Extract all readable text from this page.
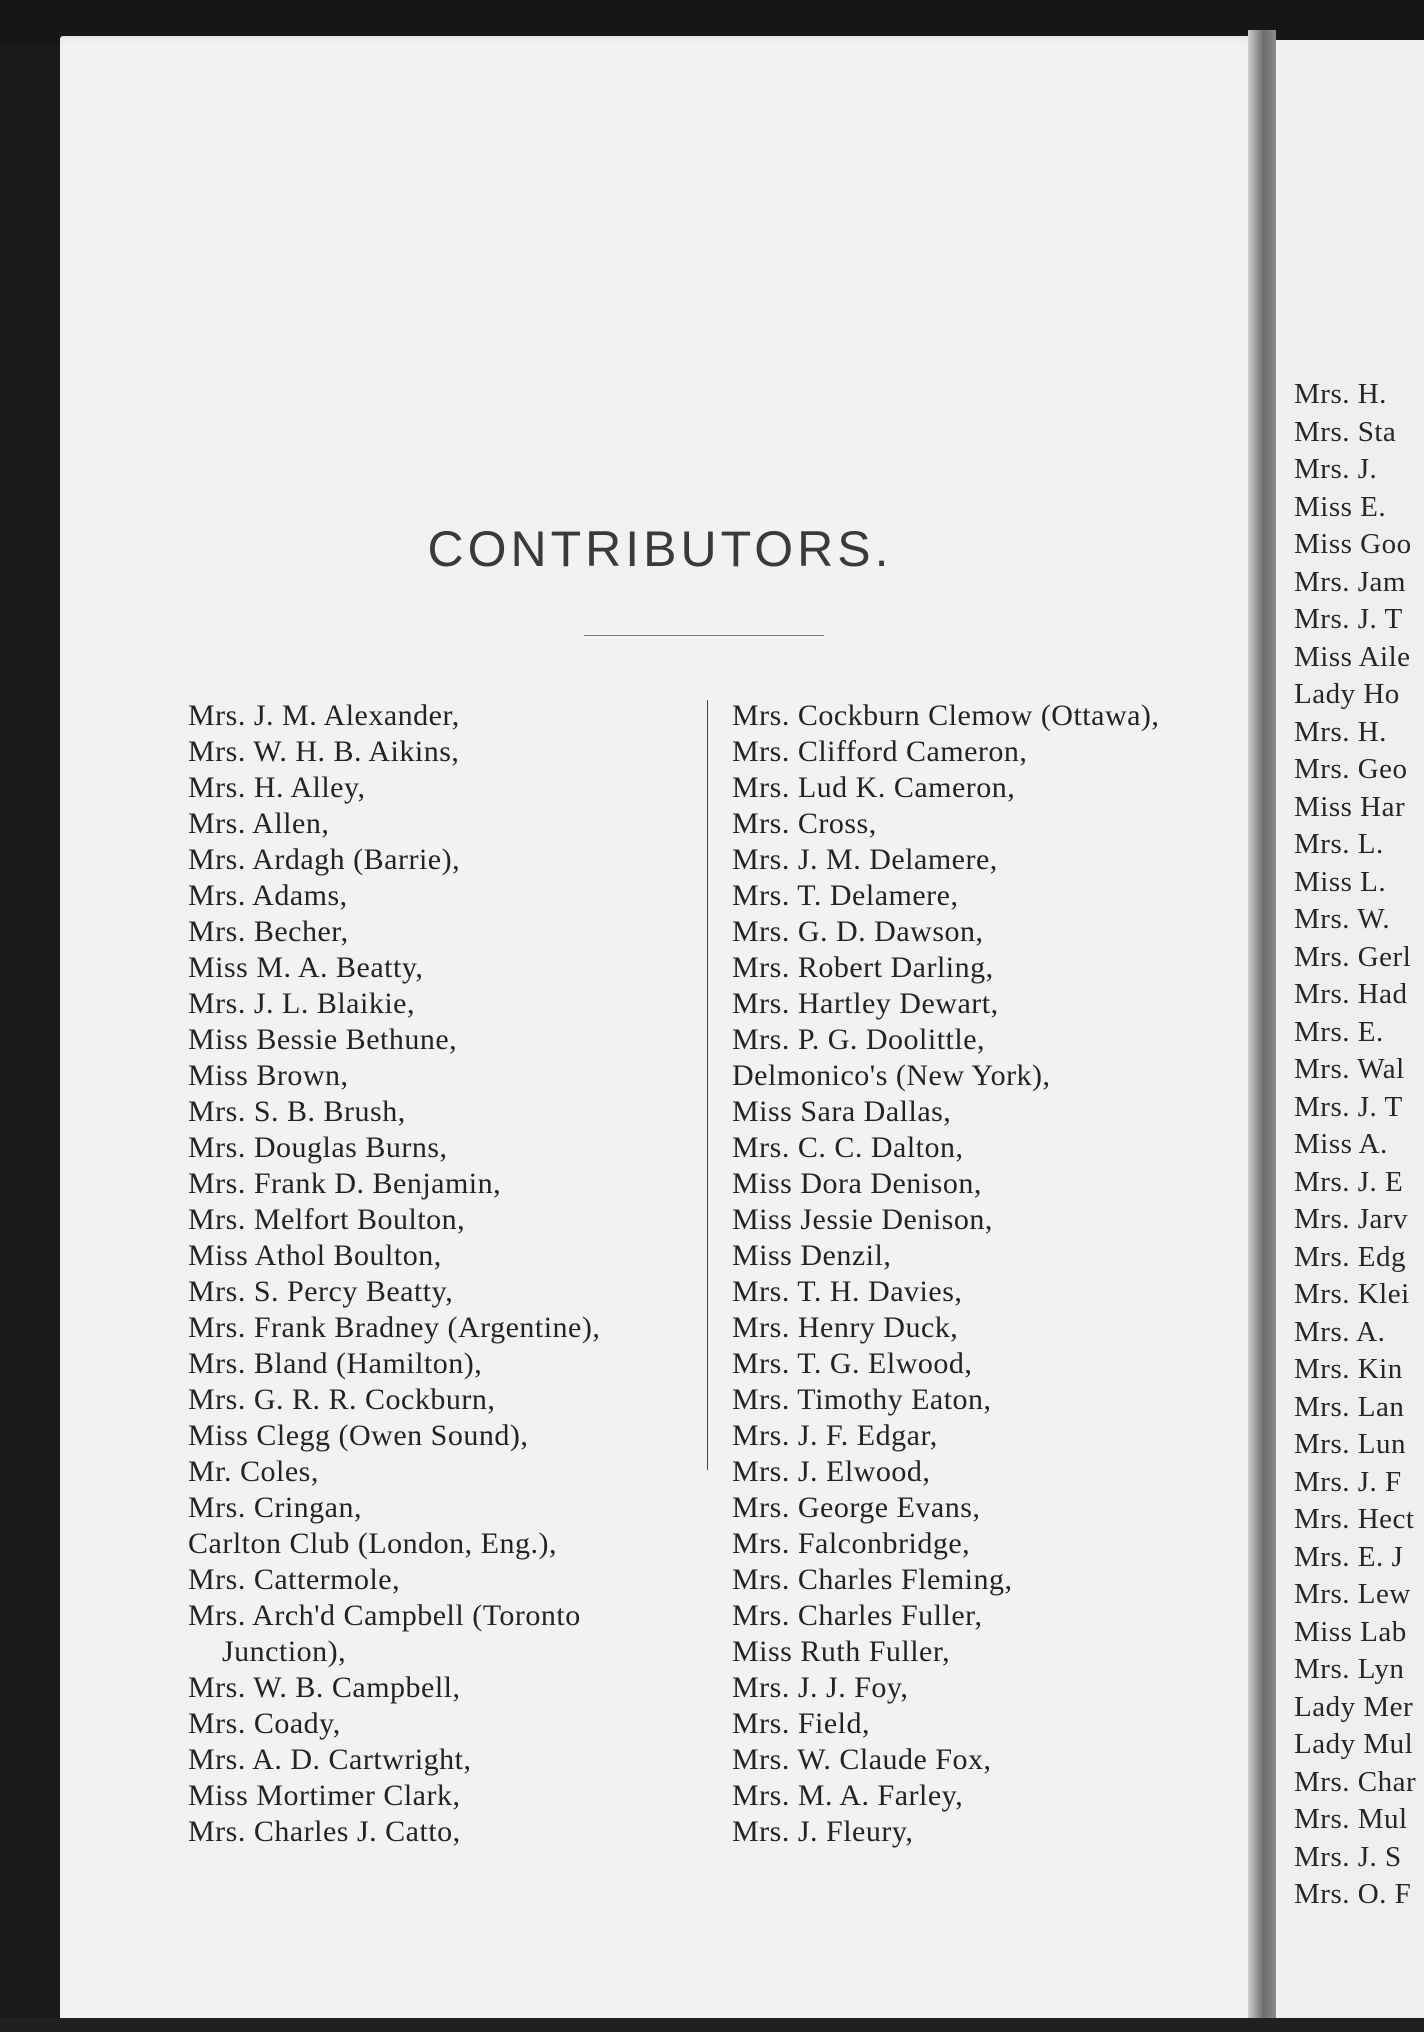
Mrs. H.
Mrs. Sta
Mrs. J.
Miss E.
Miss Goo
Mrs. Jam
Mrs. J. T
Miss Aile
Lady Ho
Mrs. H.
Mrs. Geo
Miss Har
Mrs. L.
Miss L.
Mrs. W.
Mrs. Gerl
Mrs. Had
Mrs. E.
Mrs. Wal
Mrs. J. T
Miss A.
Mrs. J. E
Mrs. Jarv
Mrs. Edg
Mrs. Klei
Mrs. A.
Mrs. Kin
Mrs. Lan
Mrs. Lun
Mrs. J. F
Mrs. Hect
Mrs. E. J
Mrs. Lew
Miss Lab
Mrs. Lyn
Lady Mer
Lady Mul
Mrs. Char
Mrs. Mul
Mrs. J. S
Mrs. O. F
CONTRIBUTORS.
Mrs. J. M. Alexander,
Mrs. W. H. B. Aikins,
Mrs. H. Alley,
Mrs. Allen,
Mrs. Ardagh (Barrie),
Mrs. Adams,
Mrs. Becher,
Miss M. A. Beatty,
Mrs. J. L. Blaikie,
Miss Bessie Bethune,
Miss Brown,
Mrs. S. B. Brush,
Mrs. Douglas Burns,
Mrs. Frank D. Benjamin,
Mrs. Melfort Boulton,
Miss Athol Boulton,
Mrs. S. Percy Beatty,
Mrs. Frank Bradney (Argentine),
Mrs. Bland (Hamilton),
Mrs. G. R. R. Cockburn,
Miss Clegg (Owen Sound),
Mr. Coles,
Mrs. Cringan,
Carlton Club (London, Eng.),
Mrs. Cattermole,
Mrs. Arch'd Campbell (Toronto
Junction),
Mrs. W. B. Campbell,
Mrs. Coady,
Mrs. A. D. Cartwright,
Miss Mortimer Clark,
Mrs. Charles J. Catto,
Mrs. Cockburn Clemow (Ottawa),
Mrs. Clifford Cameron,
Mrs. Lud K. Cameron,
Mrs. Cross,
Mrs. J. M. Delamere,
Mrs. T. Delamere,
Mrs. G. D. Dawson,
Mrs. Robert Darling,
Mrs. Hartley Dewart,
Mrs. P. G. Doolittle,
Delmonico's (New York),
Miss Sara Dallas,
Mrs. C. C. Dalton,
Miss Dora Denison,
Miss Jessie Denison,
Miss Denzil,
Mrs. T. H. Davies,
Mrs. Henry Duck,
Mrs. T. G. Elwood,
Mrs. Timothy Eaton,
Mrs. J. F. Edgar,
Mrs. J. Elwood,
Mrs. George Evans,
Mrs. Falconbridge,
Mrs. Charles Fleming,
Mrs. Charles Fuller,
Miss Ruth Fuller,
Mrs. J. J. Foy,
Mrs. Field,
Mrs. W. Claude Fox,
Mrs. M. A. Farley,
Mrs. J. Fleury,
